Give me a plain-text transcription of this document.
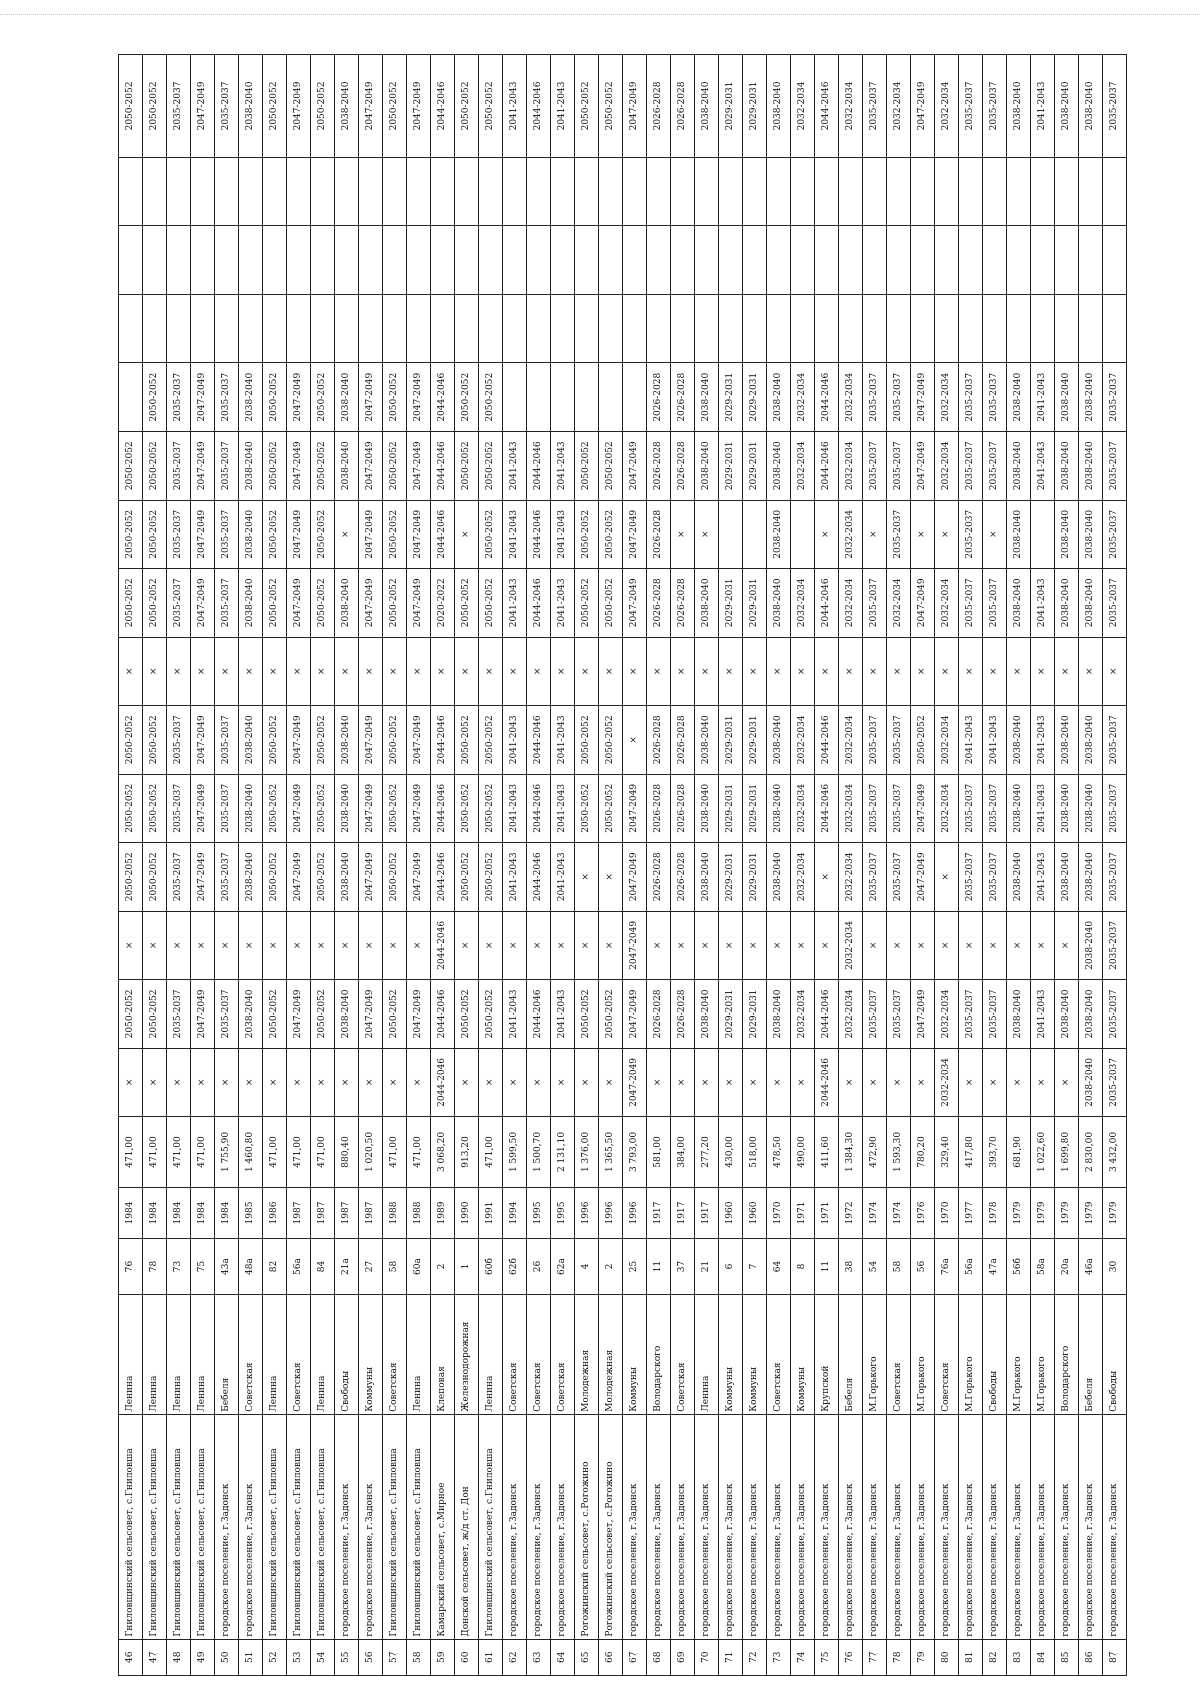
46	Гниловщинский сельсовет, с.Гниловша	Ленина	76	1984	471,00	×	2050-2052	×	2050-2052	2050-2052	2050-2052	×	2050-2052	2050-2052	2050-2052					2050-2052
47	Гниловщинский сельсовет, с.Гниловша	Ленина	78	1984	471,00	×	2050-2052	×	2050-2052	2050-2052	2050-2052	×	2050-2052	2050-2052	2050-2052	2050-2052				2050-2052
48	Гниловщинский сельсовет, с.Гниловша	Ленина	73	1984	471,00	×	2035-2037	×	2035-2037	2035-2037	2035-2037	×	2035-2037	2035-2037	2035-2037	2035-2037				2035-2037
49	Гниловщинский сельсовет, с.Гниловша	Ленина	75	1984	471,00	×	2047-2049	×	2047-2049	2047-2049	2047-2049	×	2047-2049	2047-2049	2047-2049	2047-2049				2047-2049
50	городское поселение, г.Задонск	Бебеля	43а	1984	1 755,90	×	2035-2037	×	2035-2037	2035-2037	2035-2037	×	2035-2037	2035-2037	2035-2037	2035-2037				2035-2037
51	городское поселение, г.Задонск	Советская	48а	1985	1 460,80	×	2038-2040	×	2038-2040	2038-2040	2038-2040	×	2038-2040	2038-2040	2038-2040	2038-2040				2038-2040
52	Гниловщинский сельсовет, с.Гниловша	Ленина	82	1986	471,00	×	2050-2052	×	2050-2052	2050-2052	2050-2052	×	2050-2052	2050-2052	2050-2052	2050-2052				2050-2052
53	Гниловщинский сельсовет, с.Гниловша	Советская	56а	1987	471,00	×	2047-2049	×	2047-2049	2047-2049	2047-2049	×	2047-2049	2047-2049	2047-2049	2047-2049				2047-2049
54	Гниловщинский сельсовет, с.Гниловша	Ленина	84	1987	471,00	×	2050-2052	×	2050-2052	2050-2052	2050-2052	×	2050-2052	2050-2052	2050-2052	2050-2052				2050-2052
55	городское поселение, г.Задонск	Свободы	21а	1987	880,40	×	2038-2040	×	2038-2040	2038-2040	2038-2040	×	2038-2040	×	2038-2040	2038-2040				2038-2040
56	городское поселение, г.Задонск	Коммуны	27	1987	1 020,50	×	2047-2049	×	2047-2049	2047-2049	2047-2049	×	2047-2049	2047-2049	2047-2049	2047-2049				2047-2049
57	Гниловщинский сельсовет, с.Гниловша	Советская	58	1988	471,00	×	2050-2052	×	2050-2052	2050-2052	2050-2052	×	2050-2052	2050-2052	2050-2052	2050-2052				2050-2052
58	Гниловщинский сельсовет, с.Гниловша	Ленина	60а	1988	471,00	×	2047-2049	×	2047-2049	2047-2049	2047-2049	×	2047-2049	2047-2049	2047-2049	2047-2049				2047-2049
59	Камарский сельсовет, с.Мирное	Клеповая	2	1989	3 068,20	2044-2046	2044-2046	2044-2046	2044-2046	2044-2046	2044-2046	×	2020-2022	2044-2046	2044-2046	2044-2046				2044-2046
60	Донской сельсовет, ж/д ст. Дон	Железнодорожная	1	1990	913,20	×	2050-2052	×	2050-2052	2050-2052	2050-2052	×	2050-2052	×	2050-2052	2050-2052				2050-2052
61	Гниловщинский сельсовет, с.Гниловша	Ленина	60б	1991	471,00	×	2050-2052	×	2050-2052	2050-2052	2050-2052	×	2050-2052	2050-2052	2050-2052	2050-2052				2050-2052
62	городское поселение, г.Задонск	Советская	62б	1994	1 599,50	×	2041-2043	×	2041-2043	2041-2043	2041-2043	×	2041-2043	2041-2043	2041-2043					2041-2043
63	городское поселение, г.Задонск	Советская	26	1995	1 500,70	×	2044-2046	×	2044-2046	2044-2046	2044-2046	×	2044-2046	2044-2046	2044-2046					2044-2046
64	городское поселение, г.Задонск	Советская	62а	1995	2 131,10	×	2041-2043	×	2041-2043	2041-2043	2041-2043	×	2041-2043	2041-2043	2041-2043					2041-2043
65	Рогожинский сельсовет, с.Рогожино	Молодежная	4	1996	1 376,00	×	2050-2052	×	×	2050-2052	2050-2052	×	2050-2052	2050-2052	2050-2052					2050-2052
66	Рогожинский сельсовет, с.Рогожино	Молодежная	2	1996	1 365,50	×	2050-2052	×	×	2050-2052	2050-2052	×	2050-2052	2050-2052	2050-2052					2050-2052
67	городское поселение, г.Задонск	Коммуны	25	1996	3 793,00	2047-2049	2047-2049	2047-2049	2047-2049	2047-2049	×	×	2047-2049	2047-2049	2047-2049					2047-2049
68	городское поселение, г.Задонск	Володарского	11	1917	581,00	×	2026-2028	×	2026-2028	2026-2028	2026-2028	×	2026-2028	2026-2028	2026-2028	2026-2028				2026-2028
69	городское поселение, г.Задонск	Советская	37	1917	384,00	×	2026-2028	×	2026-2028	2026-2028	2026-2028	×	2026-2028	×	2026-2028	2026-2028				2026-2028
70	городское поселение, г.Задонск	Ленина	21	1917	277,20	×	2038-2040	×	2038-2040	2038-2040	2038-2040	×	2038-2040	×	2038-2040	2038-2040				2038-2040
71	городское поселение, г.Задонск	Коммуны	6	1960	430,00	×	2029-2031	×	2029-2031	2029-2031	2029-2031	×	2029-2031		2029-2031	2029-2031				2029-2031
72	городское поселение, г.Задонск	Коммуны	7	1960	518,00	×	2029-2031	×	2029-2031	2029-2031	2029-2031	×	2029-2031		2029-2031	2029-2031				2029-2031
73	городское поселение, г.Задонск	Советская	64	1970	478,50	×	2038-2040	×	2038-2040	2038-2040	2038-2040	×	2038-2040	2038-2040	2038-2040	2038-2040				2038-2040
74	городское поселение, г.Задонск	Коммуны	8	1971	490,00	×	2032-2034	×	2032-2034	2032-2034	2032-2034	×	2032-2034		2032-2034	2032-2034				2032-2034
75	городское поселение, г.Задонск	Крупской	11	1971	411,60	2044-2046	2044-2046	×	×	2044-2046	2044-2046	×	2044-2046	×	2044-2046	2044-2046				2044-2046
76	городское поселение, г.Задонск	Бебеля	38	1972	1 384,30	×	2032-2034	2032-2034	2032-2034	2032-2034	2032-2034	×	2032-2034	2032-2034	2032-2034	2032-2034				2032-2034
77	городское поселение, г.Задонск	М.Горького	54	1974	472,90	×	2035-2037	×	2035-2037	2035-2037	2035-2037	×	2035-2037	×	2035-2037	2035-2037				2035-2037
78	городское поселение, г.Задонск	Советская	58	1974	1 593,30	×	2035-2037	×	2035-2037	2035-2037	2035-2037	×	2032-2034	2035-2037	2035-2037	2035-2037				2032-2034
79	городское поселение, г.Задонск	М.Горького	56	1976	780,20	×	2047-2049	×	2047-2049	2047-2049	2050-2052	×	2047-2049	×	2047-2049	2047-2049				2047-2049
80	городское поселение, г.Задонск	Советская	76а	1970	329,40	2032-2034	2032-2034	×	×	2032-2034	2032-2034	×	2032-2034	×	2032-2034	2032-2034				2032-2034
81	городское поселение, г.Задонск	М.Горького	56а	1977	417,80	×	2035-2037	×	2035-2037	2035-2037	2041-2043	×	2035-2037	2035-2037	2035-2037	2035-2037				2035-2037
82	городское поселение, г.Задонск	Свободы	47а	1978	393,70	×	2035-2037	×	2035-2037	2035-2037	2041-2043	×	2035-2037	×	2035-2037	2035-2037				2035-2037
83	городское поселение, г.Задонск	М.Горького	56б	1979	681,90	×	2038-2040	×	2038-2040	2038-2040	2038-2040	×	2038-2040	2038-2040	2038-2040	2038-2040				2038-2040
84	городское поселение, г.Задонск	М.Горького	58а	1979	1 022,60	×	2041-2043	×	2041-2043	2041-2043	2041-2043	×	2041-2043		2041-2043	2041-2043				2041-2043
85	городское поселение, г.Задонск	Володарского	20а	1979	1 699,80	×	2038-2040	×	2038-2040	2038-2040	2038-2040	×	2038-2040	2038-2040	2038-2040	2038-2040				2038-2040
86	городское поселение, г.Задонск	Бебеля	46а	1979	2 830,00	2038-2040	2038-2040	2038-2040	2038-2040	2038-2040	2038-2040	×	2038-2040	2038-2040	2038-2040	2038-2040				2038-2040
87	городское поселение, г.Задонск	Свободы	30	1979	3 432,00	2035-2037	2035-2037	2035-2037	2035-2037	2035-2037	2035-2037	×	2035-2037	2035-2037	2035-2037	2035-2037				2035-2037
